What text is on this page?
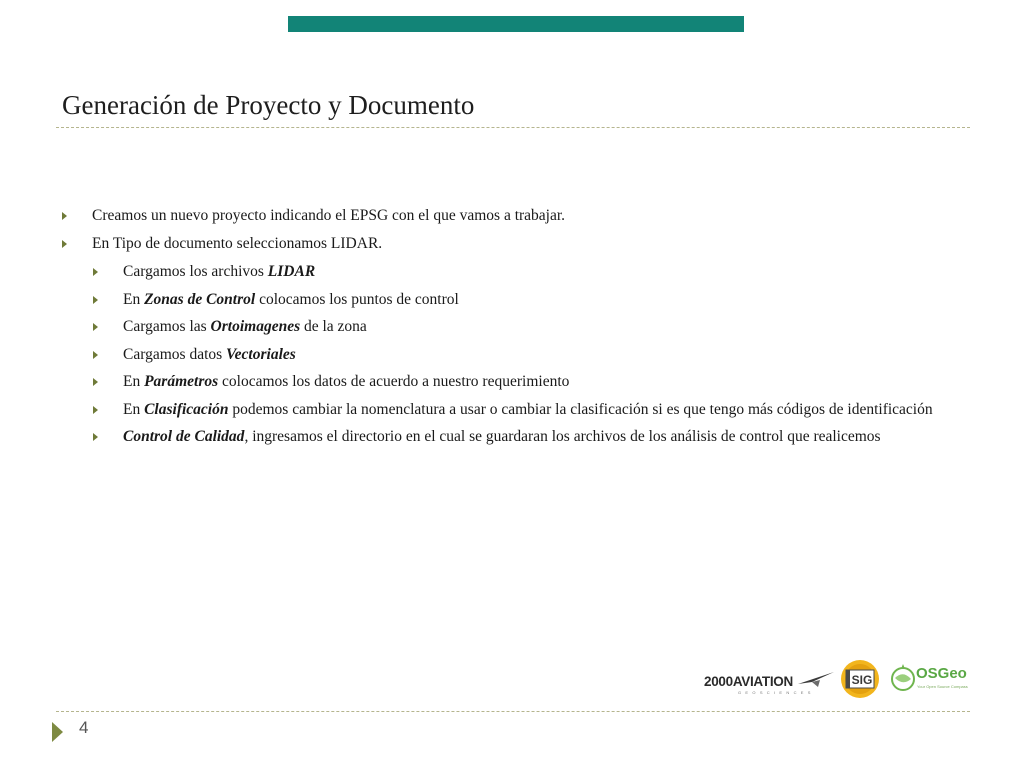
Generación de Proyecto y Documento
Creamos un nuevo proyecto indicando el EPSG con el que vamos a trabajar.
En Tipo de documento seleccionamos LIDAR.
Cargamos los archivos LIDAR
En Zonas de Control colocamos los puntos de control
Cargamos las Ortoimagenes de la zona
Cargamos datos Vectoriales
En Parámetros colocamos los datos de acuerdo a nuestro requerimiento
En Clasificación podemos cambiar la nomenclatura a usar o cambiar la clasificación si es que tengo más códigos de identificación
Control de Calidad, ingresamos el directorio en el cual se guardaran los archivos de los análisis de control que realicemos
2000AVIATION
G E O S C I E N C E S
SIG	OSGeo
Your Open Source Compass
4
